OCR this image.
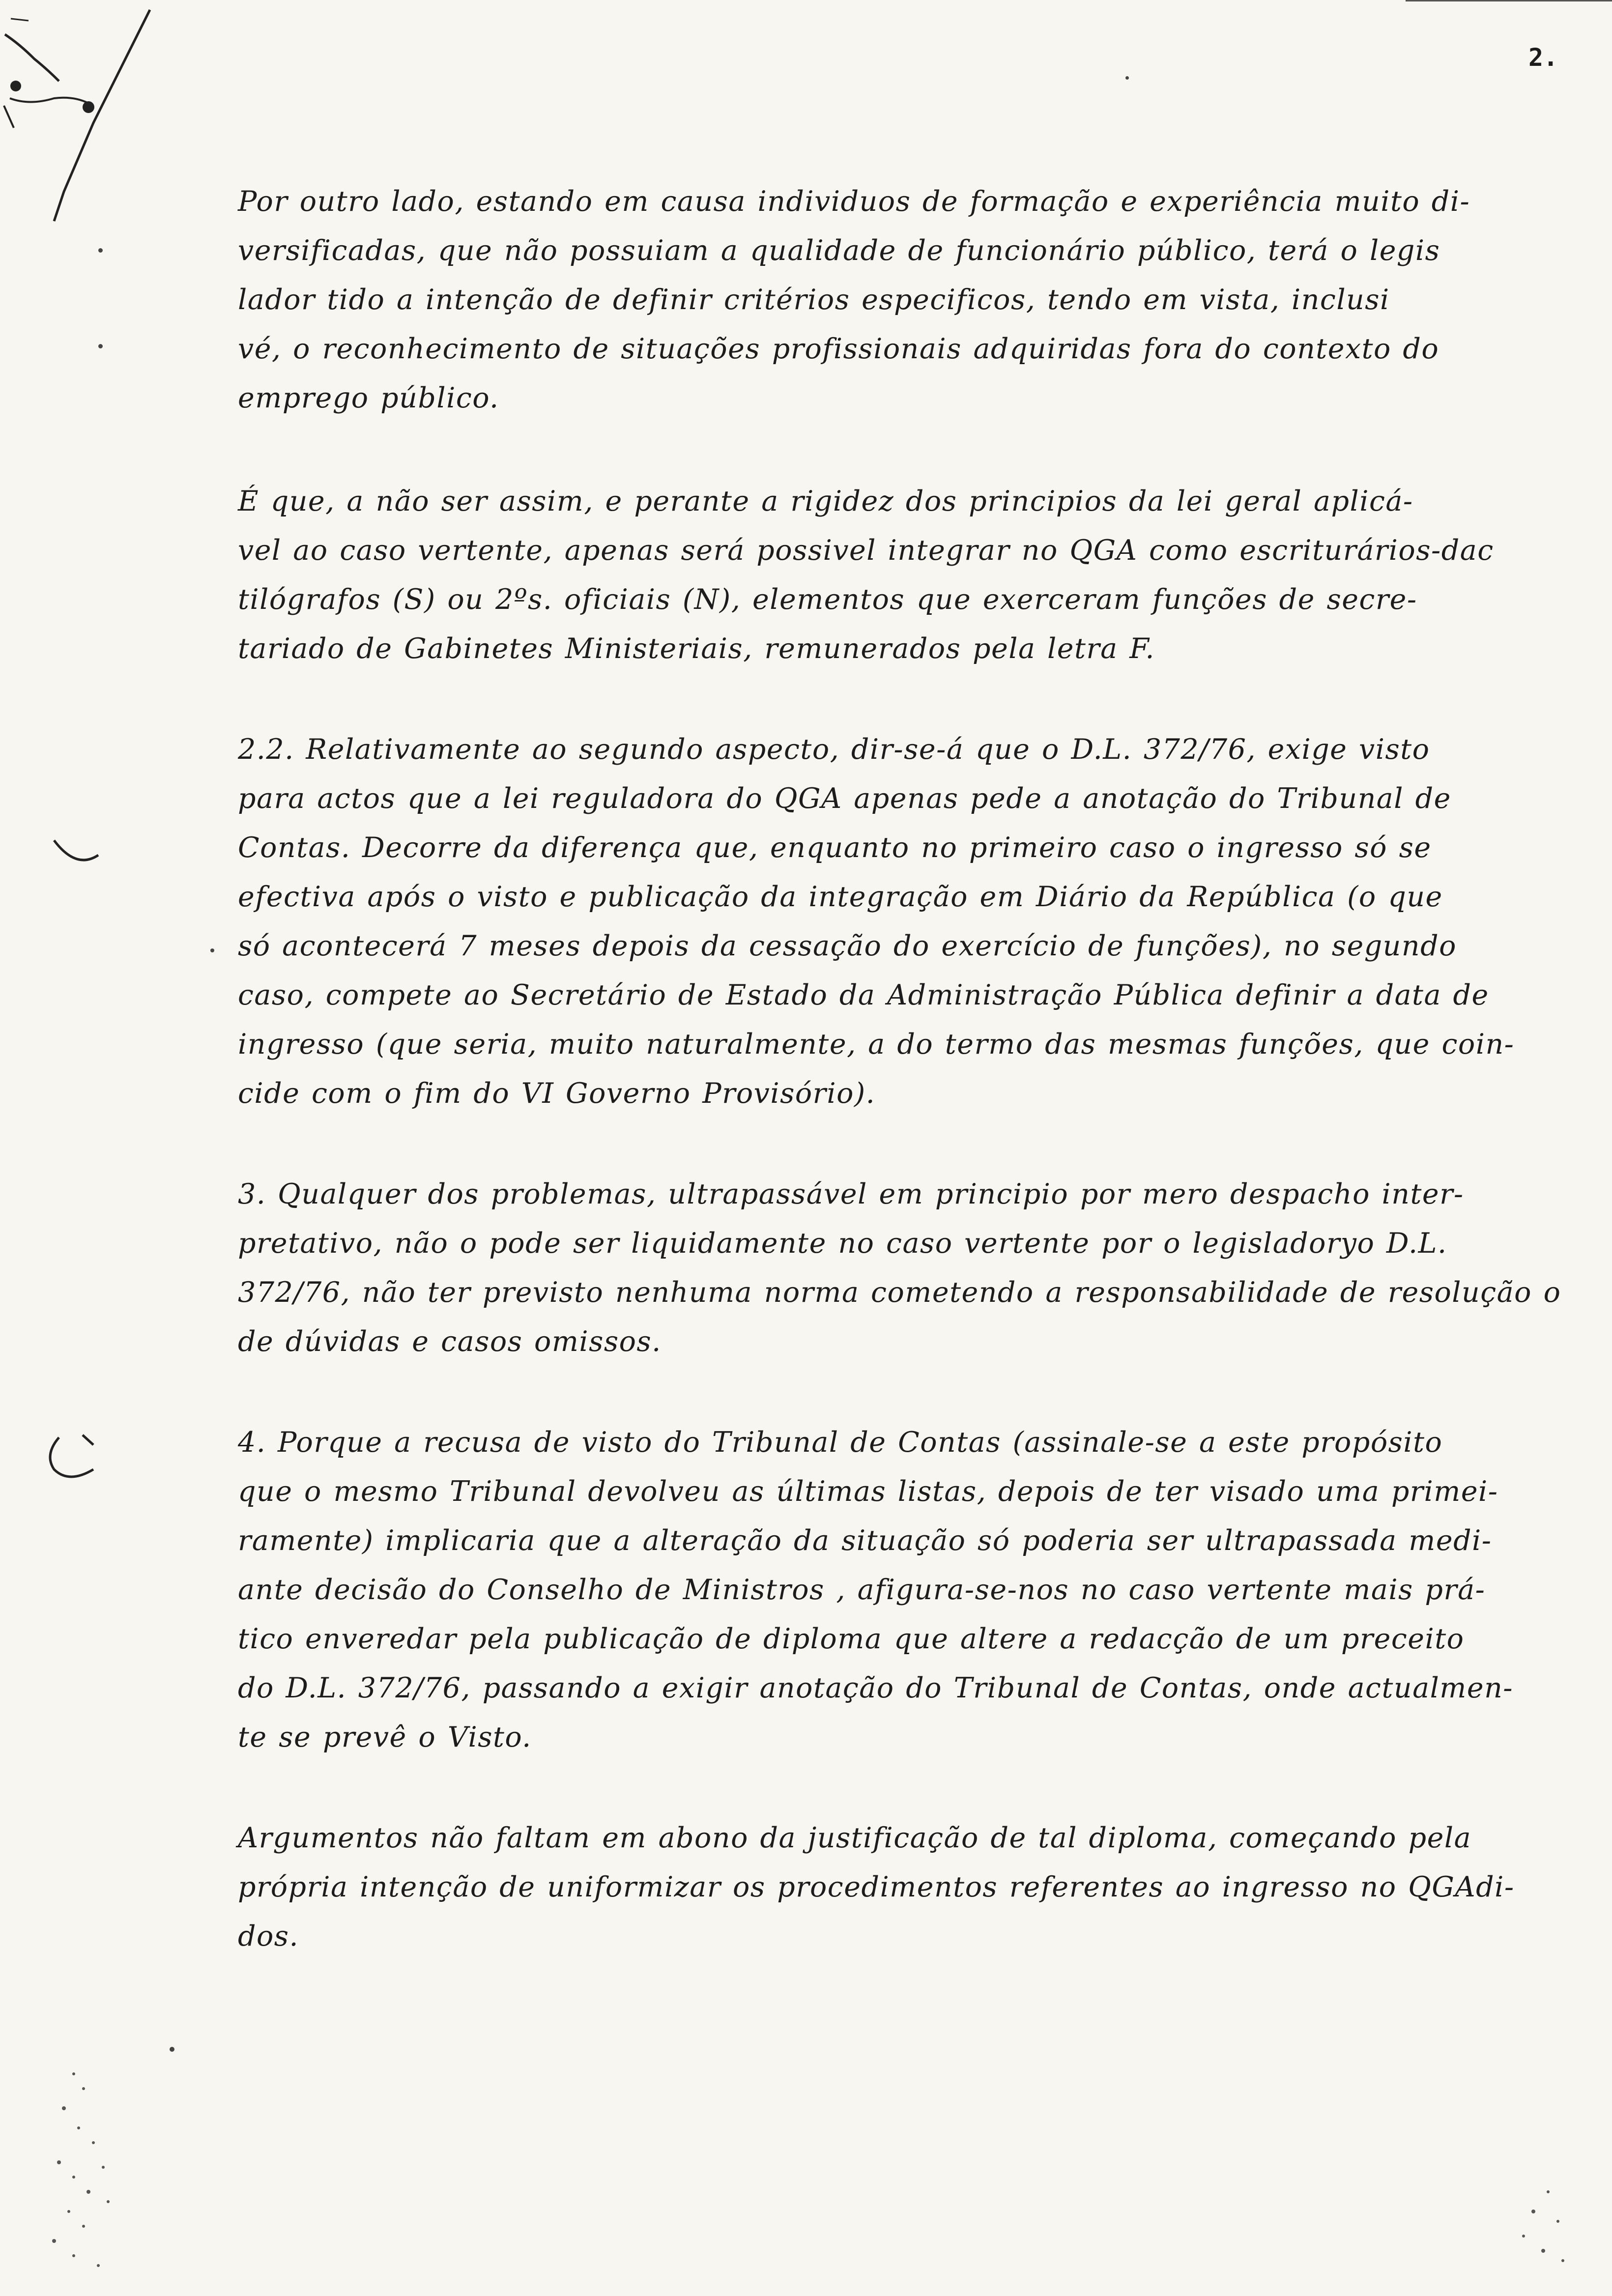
2.

Por outro lado, estando em causa individuos de formação e experiência muito di-
versificadas, que não possuiam a qualidade de funcionário público, terá o legis
lador tido a intenção de definir critérios especificos, tendo em vista, inclusi
vé, o reconhecimento de situações profissionais adquiridas fora do contexto do
emprego público.

É que, a não ser assim, e perante a rigidez dos principios da lei geral aplicá-
vel ao caso vertente, apenas será possivel integrar no QGA como escriturários-dac
tilógrafos (S) ou 2ºs. oficiais (N), elementos que exerceram funções de secre-
tariado de Gabinetes Ministeriais, remunerados pela letra F.

2.2. Relativamente ao segundo aspecto, dir-se-á que o D.L. 372/76, exige visto
para actos que a lei reguladora do QGA apenas pede a anotação do Tribunal de
Contas. Decorre da diferença que, enquanto no primeiro caso o ingresso só se
efectiva após o visto e publicação da integração em Diário da República (o que
só acontecerá 7 meses depois da cessação do exercício de funções), no segundo
caso, compete ao Secretário de Estado da Administração Pública definir a data de
ingresso (que seria, muito naturalmente, a do termo das mesmas funções, que coin-
cide com o fim do VI Governo Provisório).

3. Qualquer dos problemas, ultrapassável em principio por mero despacho inter-
pretativo, não o pode ser liquidamente no caso vertente por o legisladoryo D.L.
372/76, não ter previsto nenhuma norma cometendo a responsabilidade de resolução o
de dúvidas e casos omissos.

4. Porque a recusa de visto do Tribunal de Contas (assinale-se a este propósito
que o mesmo Tribunal devolveu as últimas listas, depois de ter visado uma primei-
ramente) implicaria que a alteração da situação só poderia ser ultrapassada medi-
ante decisão do Conselho de Ministros , afigura-se-nos no caso vertente mais prá-
tico enveredar pela publicação de diploma que altere a redacção de um preceito
do D.L. 372/76, passando a exigir anotação do Tribunal de Contas, onde actualmen-
te se prevê o Visto.

Argumentos não faltam em abono da justificação de tal diploma, começando pela
própria intenção de uniformizar os procedimentos referentes ao ingresso no QGAdi-
dos.
